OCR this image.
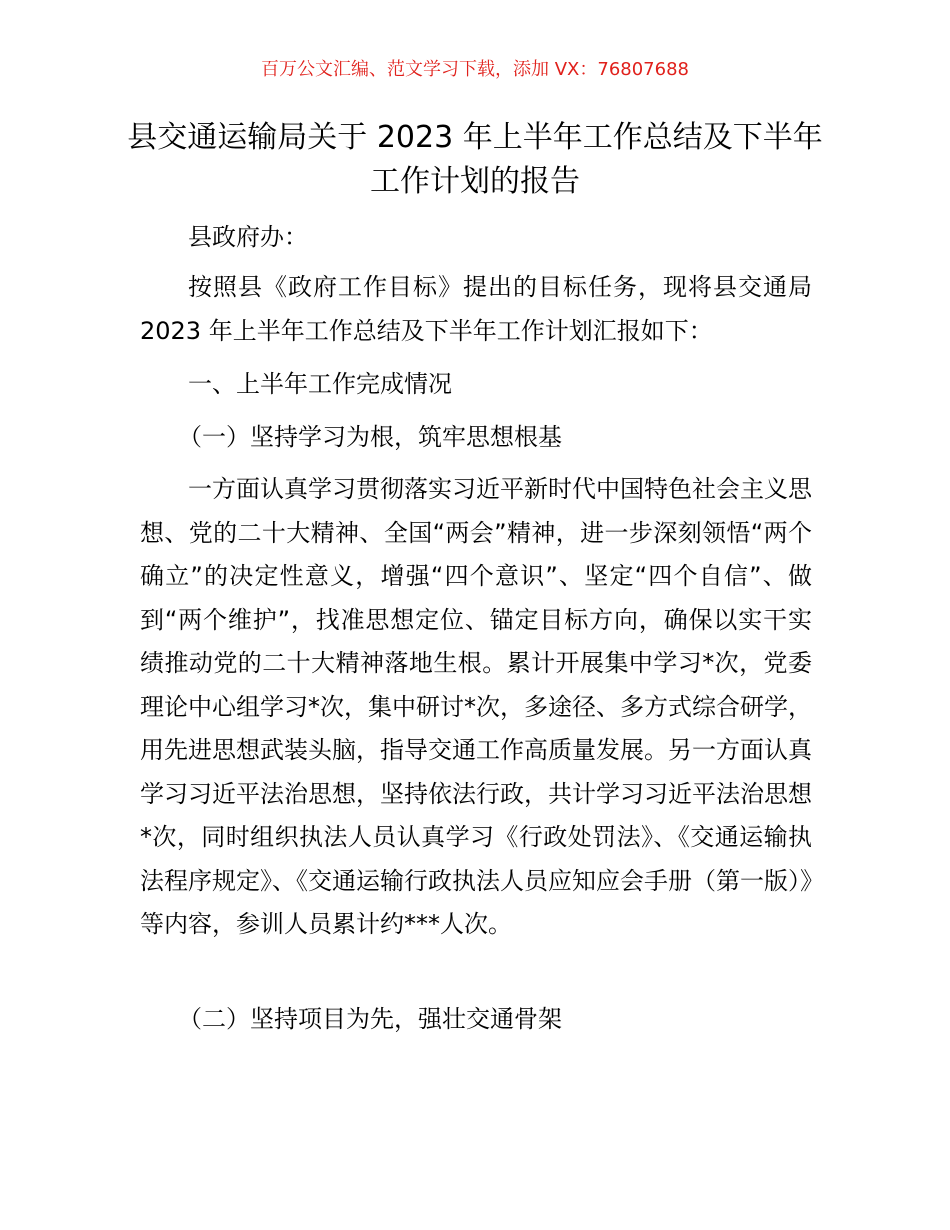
百万公文汇编、范文学习下载，添加 VX：76807688
县交通运输局关于 2023 年上半年工作总结及下半年工作计划的报告

县政府办：

按照县《政府工作目标》提出的目标任务，现将县交通局 2023 年上半年工作总结及下半年工作计划汇报如下：

一、上半年工作完成情况

（一）坚持学习为根，筑牢思想根基

一方面认真学习贯彻落实习近平新时代中国特色社会主义思想、党的二十大精神、全国“两会”精神，进一步深刻领悟“两个确立”的决定性意义，增强“四个意识”、坚定“四个自信”、做到“两个维护”，找准思想定位、锚定目标方向，确保以实干实绩推动党的二十大精神落地生根。累计开展集中学习*次，党委理论中心组学习*次，集中研讨*次，多途径、多方式综合研学，用先进思想武装头脑，指导交通工作高质量发展。另一方面认真学习习近平法治思想，坚持依法行政，共计学习习近平法治思想*次，同时组织执法人员认真学习《行政处罚法》、《交通运输执法程序规定》、《交通运输行政执法人员应知应会手册（第一版）》等内容，参训人员累计约***人次。

（二）坚持项目为先，强壮交通骨架
